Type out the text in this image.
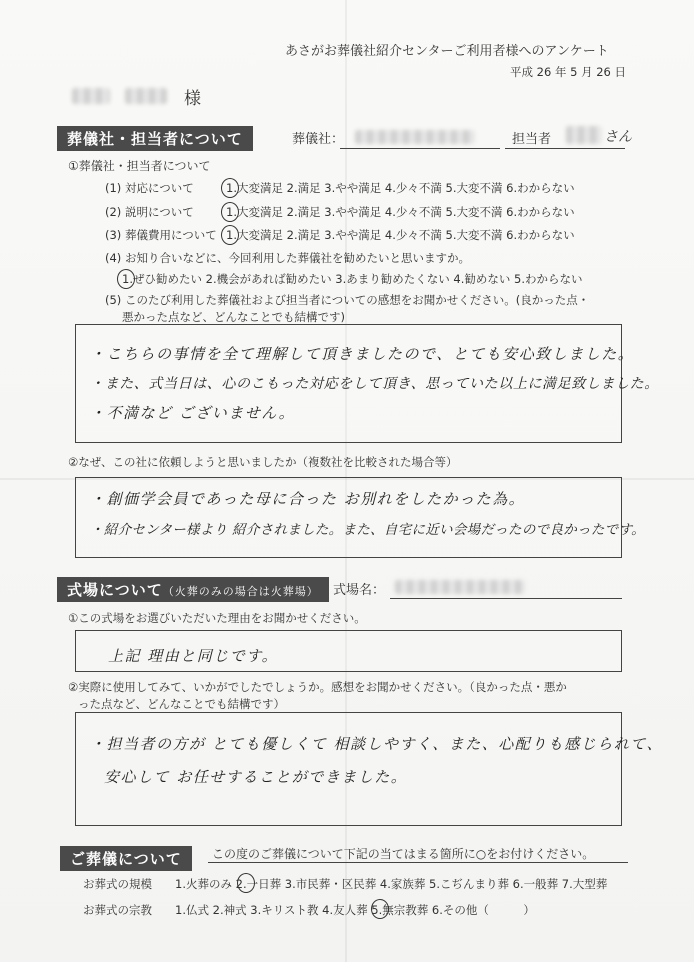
あさがお葬儀社紹介センターご利用者様へのアンケート
平成 26 年 5 月 26 日
様
葬儀社・担当者について	葬儀社：	担当者	さん
①葬儀社・担当者について
(1) 対応について	1.大変満足 2.満足 3.やや満足 4.少々不満 5.大変不満 6.わからない
(2) 説明について	1.大変満足 2.満足 3.やや満足 4.少々不満 5.大変不満 6.わからない
(3) 葬儀費用について 1.大変満足 2.満足 3.やや満足 4.少々不満 5.大変不満 6.わからない
(4) お知り合いなどに、今回利用した葬儀社を勧めたいと思いますか。
1.ぜひ勧めたい 2.機会があれば勧めたい 3.あまり勧めたくない 4.勧めない 5.わからない
(5) このたび利用した葬儀社および担当者についての感想をお聞かせください。(良かった点・
悪かった点など、どんなことでも結構です)
・こちらの事情を全て理解して頂きましたので、とても安心致しました。
・また、式当日は、心のこもった対応をして頂き、思っていた以上に満足致しました。
・不満など ございません。
②なぜ、この社に依頼しようと思いましたか（複数社を比較された場合等）
・創価学会員であった母に合った お別れをしたかった為。
・紹介センター様より 紹介されました。また、自宅に近い会場だったので良かったです。
式場について（火葬のみの場合は火葬場）	式場名：
①この式場をお選びいただいた理由をお聞かせください。
上記 理由と同じです。
②実際に使用してみて、いかがでしたでしょうか。感想をお聞かせください。（良かった点・悪か
った点など、どんなことでも結構です）
・担当者の方が とても優しくて 相談しやすく、また、心配りも感じられて、
安心して お任せすることができました。
ご葬儀について	この度のご葬儀について下記の当てはまる箇所に○をお付けください。
お葬式の規模 1.火葬のみ 2.一日葬 3.市民葬・区民葬 4.家族葬 5.こぢんまり葬 6.一般葬 7.大型葬
お葬式の宗教 1.仏式 2.神式 3.キリスト教 4.友人葬 5.無宗教葬 6.その他（　　　）
